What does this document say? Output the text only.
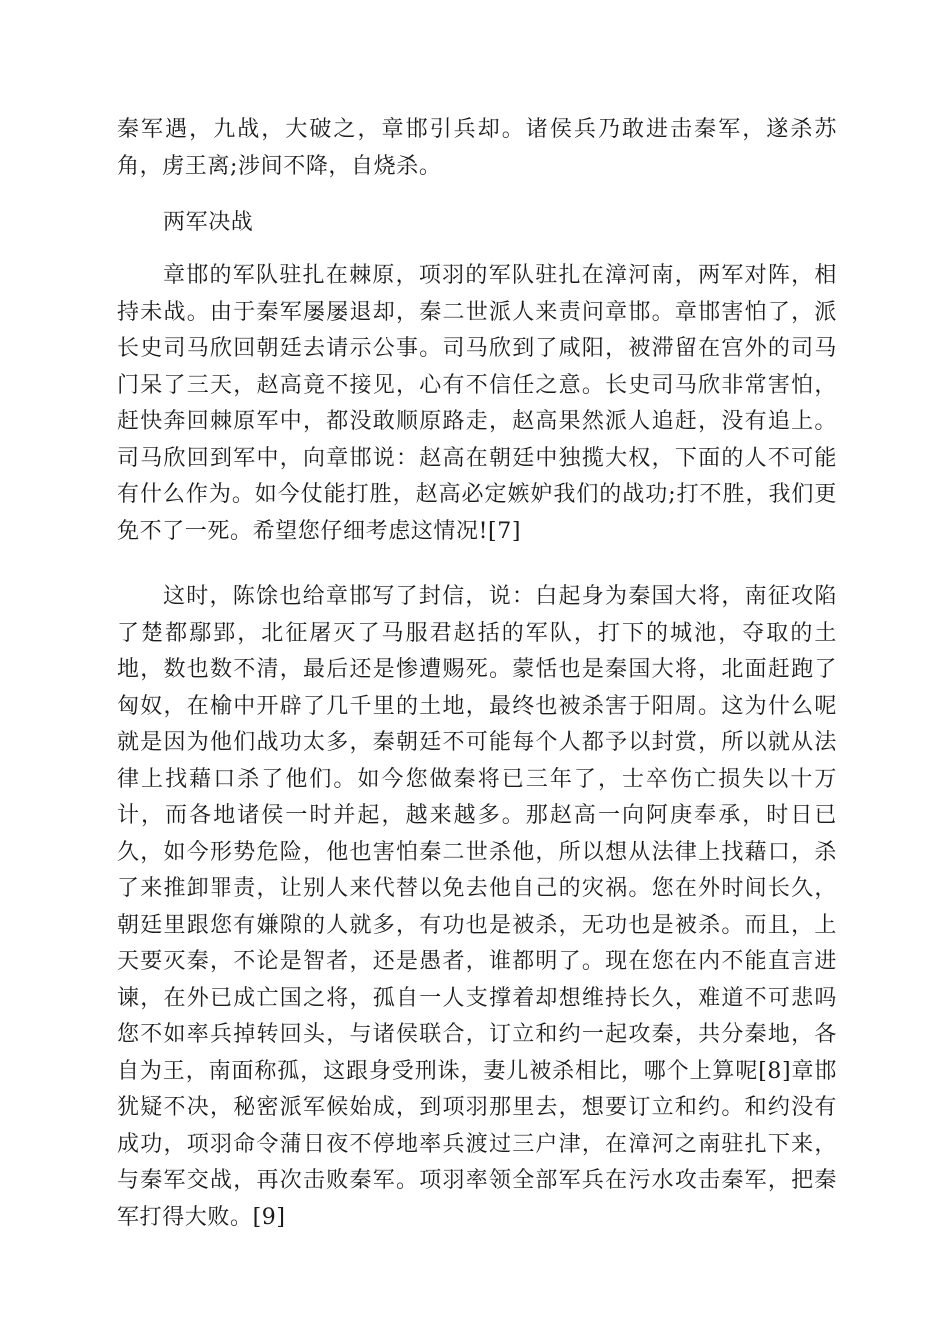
秦军遇，九战，大破之，章邯引兵却。诸侯兵乃敢进击秦军，遂杀苏角，虏王离;涉间不降，自烧杀。

两军决战

章邯的军队驻扎在棘原，项羽的军队驻扎在漳河南，两军对阵，相持未战。由于秦军屡屡退却，秦二世派人来责问章邯。章邯害怕了，派长史司马欣回朝廷去请示公事。司马欣到了咸阳，被滞留在宫外的司马门呆了三天，赵高竟不接见，心有不信任之意。长史司马欣非常害怕，赶快奔回棘原军中，都没敢顺原路走，赵高果然派人追赶，没有追上。司马欣回到军中，向章邯说：赵高在朝廷中独揽大权，下面的人不可能有什么作为。如今仗能打胜，赵高必定嫉妒我们的战功;打不胜，我们更免不了一死。希望您仔细考虑这情况![7]

这时，陈馀也给章邯写了封信，说：白起身为秦国大将，南征攻陷了楚都鄢郢，北征屠灭了马服君赵括的军队，打下的城池，夺取的土地，数也数不清，最后还是惨遭赐死。蒙恬也是秦国大将，北面赶跑了匈奴，在榆中开辟了几千里的土地，最终也被杀害于阳周。这为什么呢就是因为他们战功太多，秦朝廷不可能每个人都予以封赏，所以就从法律上找藉口杀了他们。如今您做秦将已三年了，士卒伤亡损失以十万计，而各地诸侯一时并起，越来越多。那赵高一向阿庚奉承，时日已久，如今形势危险，他也害怕秦二世杀他，所以想从法律上找藉口，杀了来推卸罪责，让别人来代替以免去他自己的灾祸。您在外时间长久，朝廷里跟您有嫌隙的人就多，有功也是被杀，无功也是被杀。而且，上天要灭秦，不论是智者，还是愚者，谁都明了。现在您在内不能直言进谏，在外已成亡国之将，孤自一人支撑着却想维持长久，难道不可悲吗您不如率兵掉转回头，与诸侯联合，订立和约一起攻秦，共分秦地，各自为王，南面称孤，这跟身受刑诛，妻儿被杀相比，哪个上算呢[8]章邯犹疑不决，秘密派军候始成，到项羽那里去，想要订立和约。和约没有成功，项羽命令蒲日夜不停地率兵渡过三户津，在漳河之南驻扎下来，与秦军交战，再次击败秦军。项羽率领全部军兵在污水攻击秦军，把秦军打得大败。[9]
